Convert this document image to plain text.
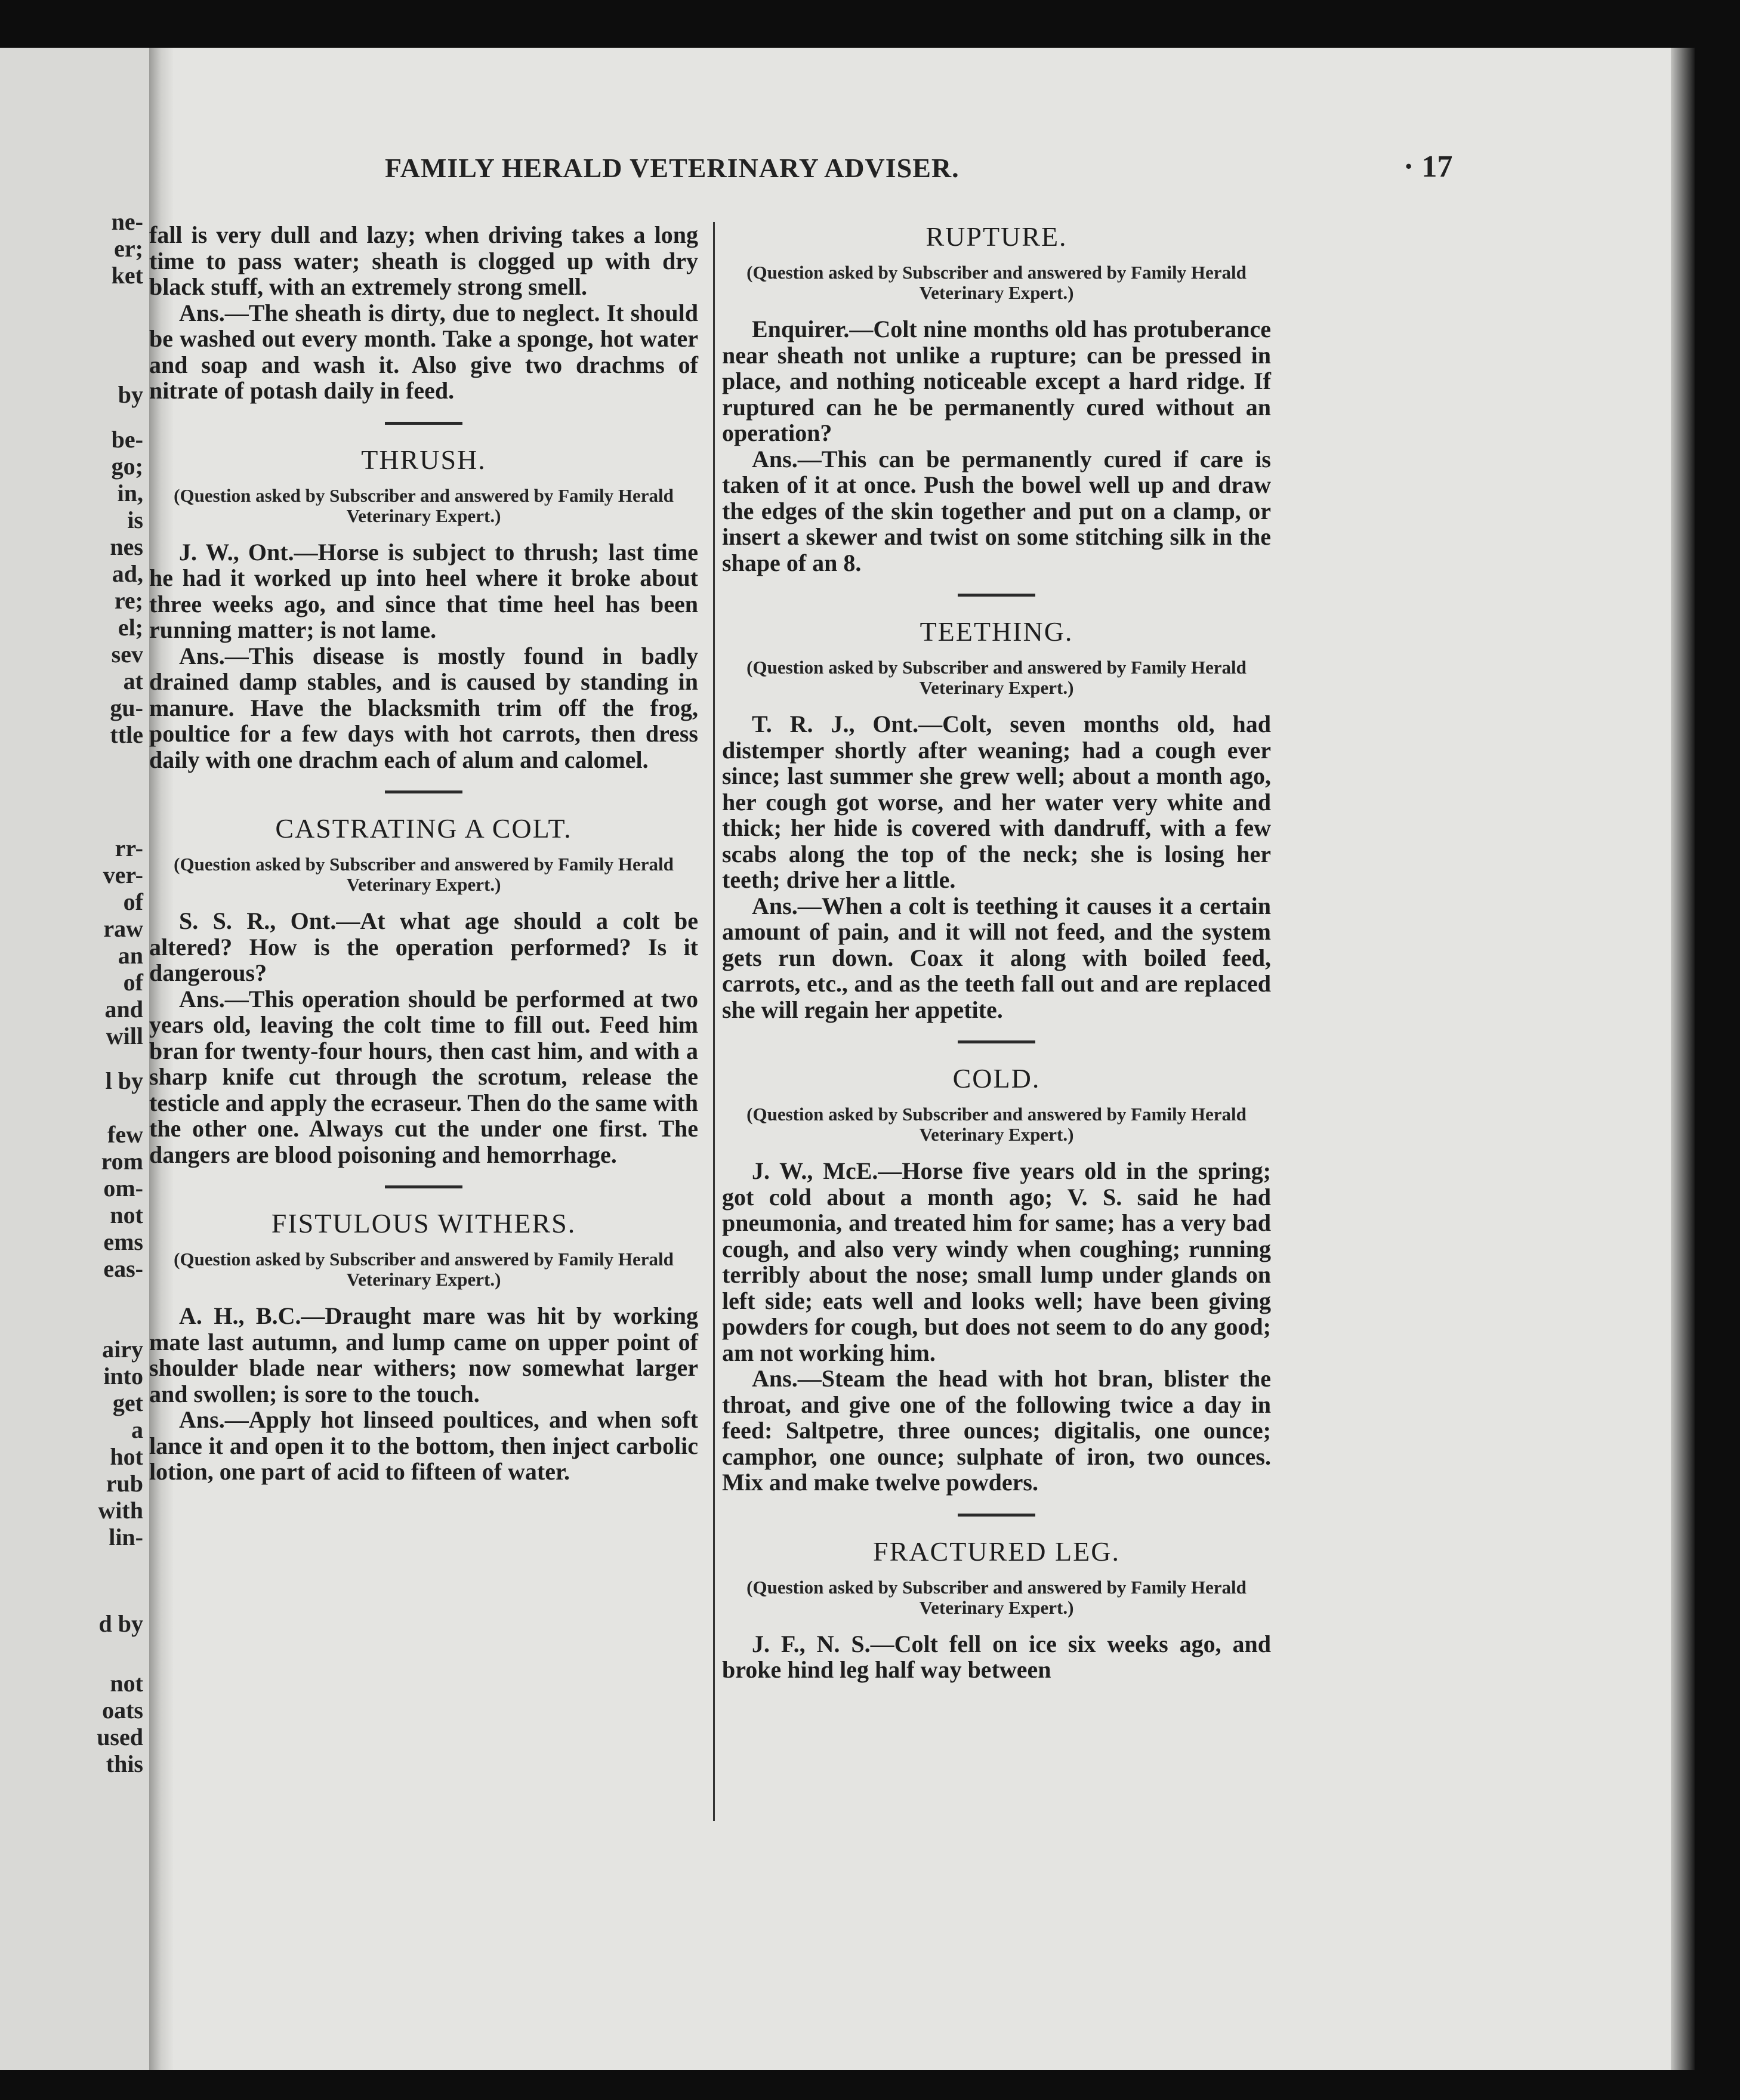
ne-
er;
ket
by
be-
go;
in,
is
nes
ad,
re;
el;
sev
at
gu-
ttle
rr-
ver-
of
raw
an
of
and
will
l by
few
rom
om-
not
ems
eas-
airy
into
get
a
hot
rub
with
lin-
d by
not
oats
used
this
FAMILY HERALD VETERINARY ADVISER.	· 17

fall is very dull and lazy; when driving takes a long time to pass water; sheath is clogged up with dry black stuff, with an extremely strong smell.

Ans.—The sheath is dirty, due to neglect. It should be washed out every month. Take a sponge, hot water and soap and wash it. Also give two drachms of nitrate of potash daily in feed.

THRUSH.
(Question asked by Subscriber and answered by Family Herald Veterinary Expert.)

J. W., Ont.—Horse is subject to thrush; last time he had it worked up into heel where it broke about three weeks ago, and since that time heel has been running matter; is not lame.

Ans.—This disease is mostly found in badly drained damp stables, and is caused by standing in manure. Have the blacksmith trim off the frog, poultice for a few days with hot carrots, then dress daily with one drachm each of alum and calomel.

CASTRATING A COLT.
(Question asked by Subscriber and answered by Family Herald Veterinary Expert.)

S. S. R., Ont.—At what age should a colt be altered? How is the operation performed? Is it dangerous?

Ans.—This operation should be performed at two years old, leaving the colt time to fill out. Feed him bran for twenty-four hours, then cast him, and with a sharp knife cut through the scrotum, release the testicle and apply the ecraseur. Then do the same with the other one. Always cut the under one first. The dangers are blood poisoning and hemorrhage.

FISTULOUS WITHERS.
(Question asked by Subscriber and answered by Family Herald Veterinary Expert.)

A. H., B.C.—Draught mare was hit by working mate last autumn, and lump came on upper point of shoulder blade near withers; now somewhat larger and swollen; is sore to the touch.

Ans.—Apply hot linseed poultices, and when soft lance it and open it to the bottom, then inject carbolic lotion, one part of acid to fifteen of water.

RUPTURE.
(Question asked by Subscriber and answered by Family Herald Veterinary Expert.)

Enquirer.—Colt nine months old has protuberance near sheath not unlike a rupture; can be pressed in place, and nothing noticeable except a hard ridge. If ruptured can he be permanently cured without an operation?

Ans.—This can be permanently cured if care is taken of it at once. Push the bowel well up and draw the edges of the skin together and put on a clamp, or insert a skewer and twist on some stitching silk in the shape of an 8.

TEETHING.
(Question asked by Subscriber and answered by Family Herald Veterinary Expert.)

T. R. J., Ont.—Colt, seven months old, had distemper shortly after weaning; had a cough ever since; last summer she grew well; about a month ago, her cough got worse, and her water very white and thick; her hide is covered with dandruff, with a few scabs along the top of the neck; she is losing her teeth; drive her a little.

Ans.—When a colt is teething it causes it a certain amount of pain, and it will not feed, and the system gets run down. Coax it along with boiled feed, carrots, etc., and as the teeth fall out and are replaced she will regain her appetite.

COLD.
(Question asked by Subscriber and answered by Family Herald Veterinary Expert.)

J. W., McE.—Horse five years old in the spring; got cold about a month ago; V. S. said he had pneumonia, and treated him for same; has a very bad cough, and also very windy when coughing; running terribly about the nose; small lump under glands on left side; eats well and looks well; have been giving powders for cough, but does not seem to do any good; am not working him.

Ans.—Steam the head with hot bran, blister the throat, and give one of the following twice a day in feed: Saltpetre, three ounces; digitalis, one ounce; camphor, one ounce; sulphate of iron, two ounces. Mix and make twelve powders.

FRACTURED LEG.
(Question asked by Subscriber and answered by Family Herald Veterinary Expert.)

J. F., N. S.—Colt fell on ice six weeks ago, and broke hind leg half way between
